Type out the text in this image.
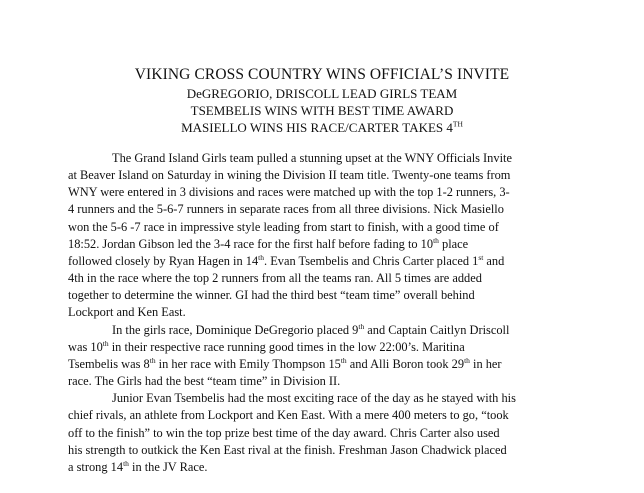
VIKING CROSS COUNTRY WINS OFFICIAL’S INVITE
DeGREGORIO, DRISCOLL LEAD GIRLS TEAM
TSEMBELIS WINS WITH BEST TIME AWARD
MASIELLO WINS HIS RACE/CARTER TAKES 4TH
The Grand Island Girls team pulled a stunning upset at the WNY Officials Invite
at Beaver Island on Saturday in wining the Division II team title. Twenty-one teams from
WNY were entered in 3 divisions and races were matched up with the top 1-2 runners, 3-
4 runners and the 5-6-7 runners in separate races from all three divisions. Nick Masiello
won the 5-6 -7 race in impressive style leading from start to finish, with a good time of
18:52. Jordan Gibson led the 3-4 race for the first half before fading to 10th place
followed closely by Ryan Hagen in 14th. Evan Tsembelis and Chris Carter placed 1st and
4th in the race where the top 2 runners from all the teams ran. All 5 times are added
together to determine the winner. GI had the third best “team time” overall behind
Lockport and Ken East.
In the girls race, Dominique DeGregorio placed 9th and Captain Caitlyn Driscoll
was 10th in their respective race running good times in the low 22:00’s. Maritina
Tsembelis was 8th in her race with Emily Thompson 15th and Alli Boron took 29th in her
race. The Girls had the best “team time” in Division II.
Junior Evan Tsembelis had the most exciting race of the day as he stayed with his
chief rivals, an athlete from Lockport and Ken East. With a mere 400 meters to go, “took
off to the finish” to win the top prize best time of the day award. Chris Carter also used
his strength to outkick the Ken East rival at the finish. Freshman Jason Chadwick placed
a strong 14th in the JV Race.
